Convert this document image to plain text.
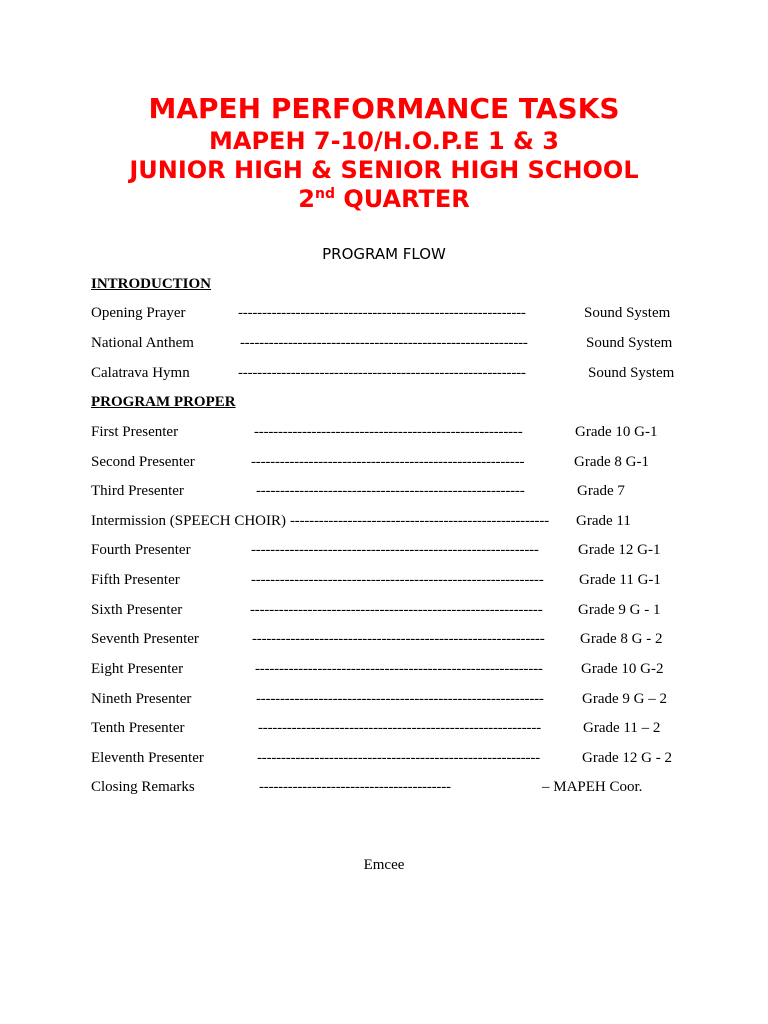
MAPEH PERFORMANCE TASKS
MAPEH 7-10/H.O.P.E 1 & 3
JUNIOR HIGH & SENIOR HIGH SCHOOL
2nd QUARTER
PROGRAM FLOW
INTRODUCTION
Opening Prayer	------------------------------------------------------------	Sound System
National Anthem	------------------------------------------------------------	Sound System
Calatrava Hymn	------------------------------------------------------------	Sound System
PROGRAM PROPER
First Presenter	--------------------------------------------------------	Grade 10 G-1
Second Presenter	---------------------------------------------------------	Grade 8 G-1
Third Presenter	--------------------------------------------------------	Grade 7
Intermission (SPEECH CHOIR) ------------------------------------------------------ Grade 11
Fourth Presenter	------------------------------------------------------------	Grade 12 G-1
Fifth Presenter	------------------------------------------------------------- Grade 11 G-1
Sixth Presenter	------------------------------------------------------------- Grade 9 G - 1
Seventh Presenter	------------------------------------------------------------- Grade 8 G - 2
Eight Presenter	------------------------------------------------------------	Grade 10 G-2
Nineth Presenter	------------------------------------------------------------	Grade 9 G – 2
Tenth Presenter	-----------------------------------------------------------	Grade 11 – 2
Eleventh Presenter	-----------------------------------------------------------	Grade 12 G - 2
Closing Remarks	----------------------------------------	– MAPEH Coor.
Emcee
